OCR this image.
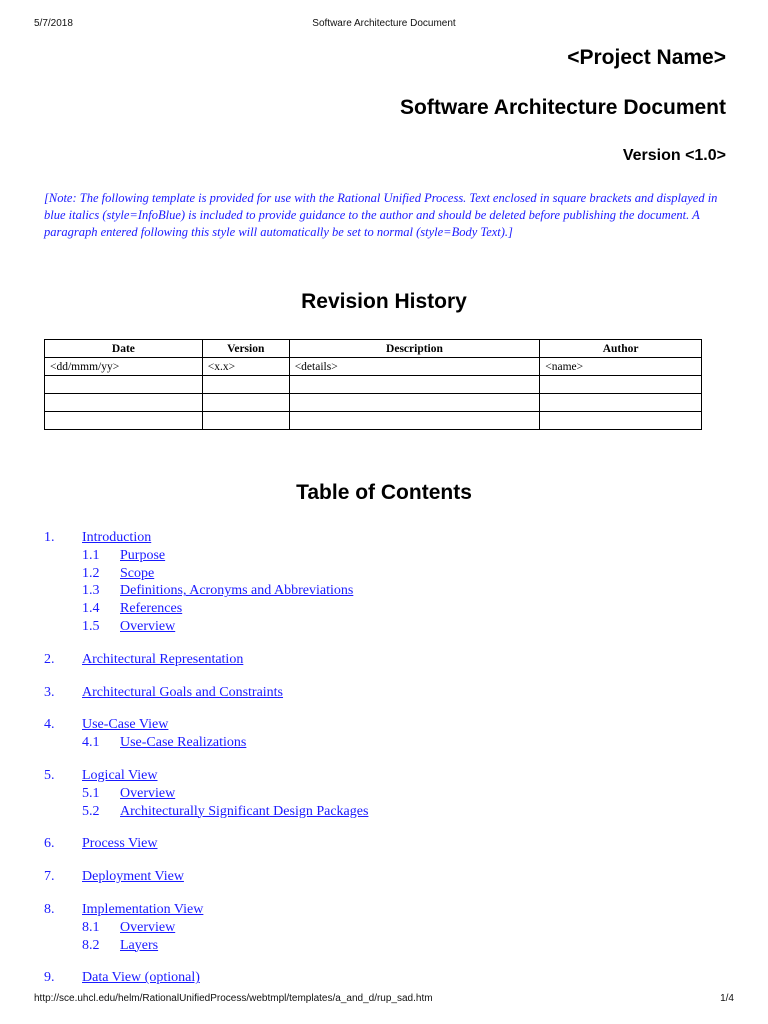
5/7/2018	Software Architecture Document
<Project Name>
Software Architecture Document
Version <1.0>
[Note: The following template is provided for use with the Rational Unified Process. Text enclosed in square brackets and displayed in blue italics (style=InfoBlue) is included to provide guidance to the author and should be deleted before publishing the document. A paragraph entered following this style will automatically be set to normal (style=Body Text).]
Revision History
Date	Version	Description	Author
<dd/mmm/yy>	<x.x>	<details>	<name>

Table of Contents
1. Introduction
1.1 Purpose
1.2 Scope
1.3 Definitions, Acronyms and Abbreviations
1.4 References
1.5 Overview
2. Architectural Representation
3. Architectural Goals and Constraints
4. Use-Case View
4.1 Use-Case Realizations
5. Logical View
5.1 Overview
5.2 Architecturally Significant Design Packages
6. Process View
7. Deployment View
8. Implementation View
8.1 Overview
8.2 Layers
9. Data View (optional)
http://sce.uhcl.edu/helm/RationalUnifiedProcess/webtmpl/templates/a_and_d/rup_sad.htm	1/4
